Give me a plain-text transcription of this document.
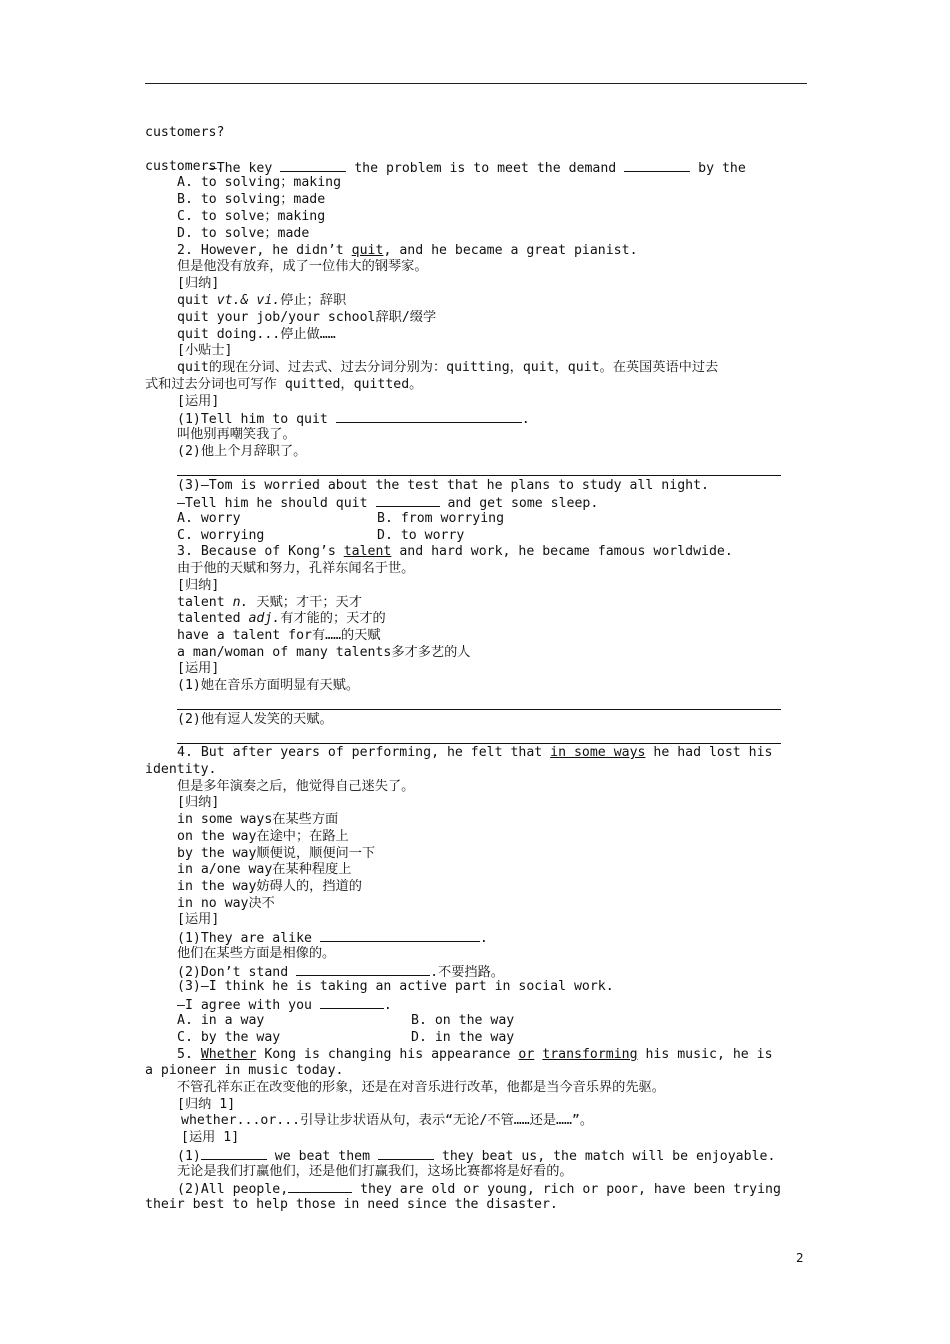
customers?

—The key	the problem is to meet the demand	by the

customers.
A. to solving；making
B. to solving；made
C. to solve；making
D. to solve；made
2. However, he didn’t quit, and he became a great pianist.
但是他没有放弃，成了一位伟大的钢琴家。
[归纳]
quit vt.& vi.停止；辞职
quit your job/your school辞职/缀学
quit doing...停止做……
[小贴士]
quit的现在分词、过去式、过去分词分别为：quitting，quit，quit。在英国英语中过去
式和过去分词也可写作 quitted，quitted。
[运用]
(1)Tell him to quit	.
叫他别再嘲笑我了。
(2)他上个月辞职了。
(3)—Tom is worried about the test that he plans to study all night.
—Tell him he should quit	and get some sleep.
A. worry	B. from worrying
C. worrying	D. to worry
3. Because of Kong’s talent and hard work, he became famous worldwide.
由于他的天赋和努力，孔祥东闻名于世。
[归纳]
talent n. 天赋；才干；天才
talented adj.有才能的；天才的
have a talent for有……的天赋
a man/woman of many talents多才多艺的人
[运用]
(1)她在音乐方面明显有天赋。
(2)他有逗人发笑的天赋。
4. But after years of performing, he felt that in some ways he had lost his
identity.
但是多年演奏之后，他觉得自己迷失了。
[归纳]
in some ways在某些方面
on the way在途中；在路上
by the way顺便说，顺便问一下
in a/one way在某种程度上
in the way妨碍人的，挡道的
in no way决不
[运用]
(1)They are alike	.
他们在某些方面是相像的。
(2)Don’t stand	.不要挡路。
(3)—I think he is taking an active part in social work.
—I agree with you	.
A. in a way	B. on the way
C. by the way	D. in the way
5. Whether Kong is changing his appearance or transforming his music, he is
a pioneer in music today.
不管孔祥东正在改变他的形象，还是在对音乐进行改革，他都是当今音乐界的先驱。
[归纳 1]
whether...or...引导让步状语从句，表示“无论/不管……还是……”。
[运用 1]
(1)	we beat them	they beat us, the match will be enjoyable.
无论是我们打赢他们，还是他们打赢我们，这场比赛都将是好看的。
(2)All people,	they are old or young, rich or poor, have been trying
their best to help those in need since the disaster.
2
